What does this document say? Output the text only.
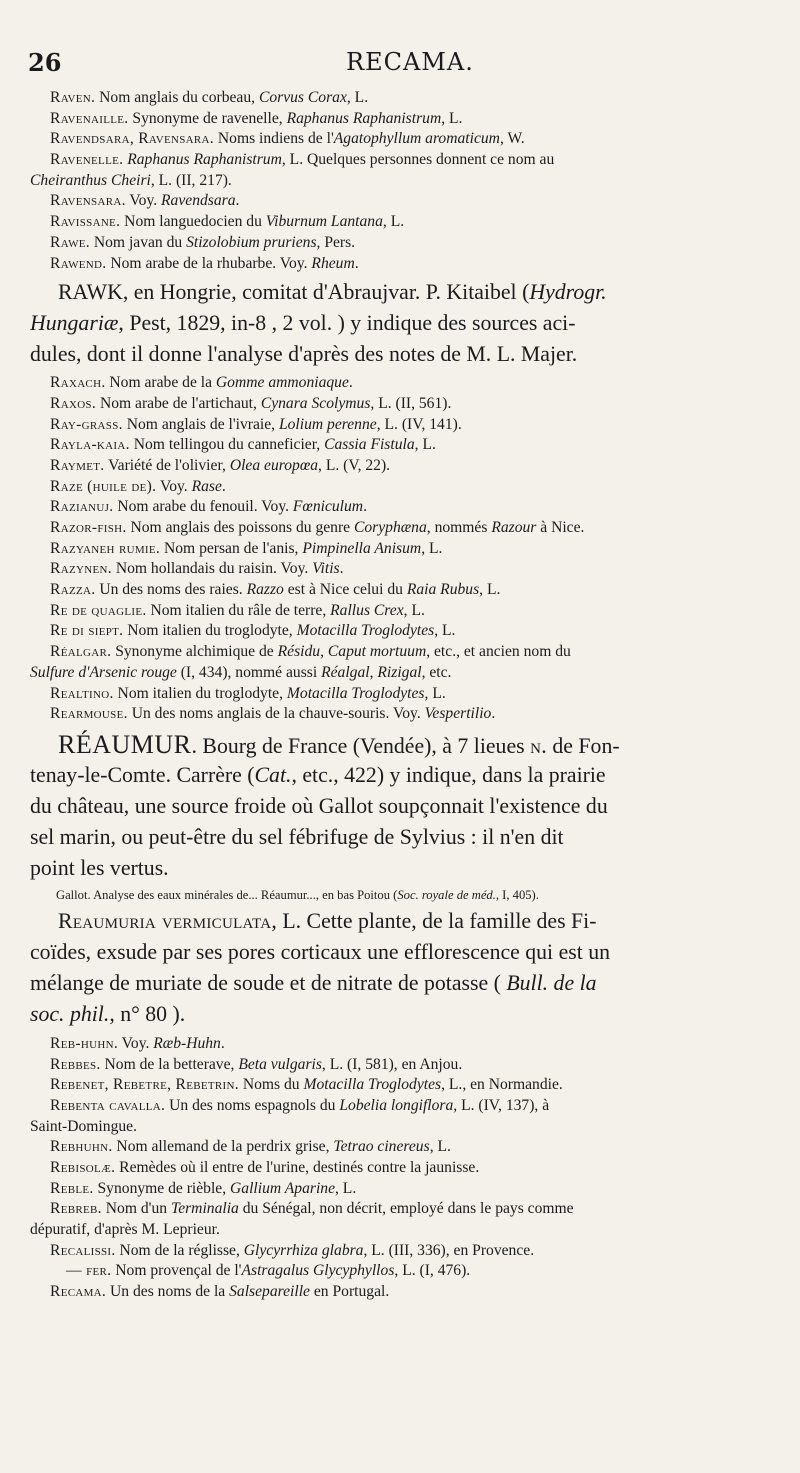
26	RECAMA.
Raven. Nom anglais du corbeau, Corvus Corax, L.
Ravenaille. Synonyme de ravenelle, Raphanus Raphanistrum, L.
Ravendsara, Ravensara. Noms indiens de l'Agatophyllum aromaticum, W.
Ravenelle. Raphanus Raphanistrum, L. Quelques personnes donnent ce nom au
Cheiranthus Cheiri, L. (II, 217).
Ravensara. Voy. Ravendsara.
Ravissane. Nom languedocien du Viburnum Lantana, L.
Rawe. Nom javan du Stizolobium pruriens, Pers.
Rawend. Nom arabe de la rhubarbe. Voy. Rheum.
RAWK, en Hongrie, comitat d'Abraujvar. P. Kitaibel (Hydrogr.
Hungariæ, Pest, 1829, in-8 , 2 vol. ) y indique des sources aci-
dules, dont il donne l'analyse d'après des notes de M. L. Majer.
Raxach. Nom arabe de la Gomme ammoniaque.
Raxos. Nom arabe de l'artichaut, Cynara Scolymus, L. (II, 561).
Ray-grass. Nom anglais de l'ivraie, Lolium perenne, L. (IV, 141).
Rayla-kaia. Nom tellingou du canneficier, Cassia Fistula, L.
Raymet. Variété de l'olivier, Olea europœa, L. (V, 22).
Raze (huile de). Voy. Rase.
Razianuj. Nom arabe du fenouil. Voy. Fœniculum.
Razor-fish. Nom anglais des poissons du genre Coryphæna, nommés Razour à Nice.
Razyaneh rumie. Nom persan de l'anis, Pimpinella Anisum, L.
Razynen. Nom hollandais du raisin. Voy. Vitis.
Razza. Un des noms des raies. Razzo est à Nice celui du Raia Rubus, L.
Re de quaglie. Nom italien du râle de terre, Rallus Crex, L.
Re di siept. Nom italien du troglodyte, Motacilla Troglodytes, L.
Réalgar. Synonyme alchimique de Résidu, Caput mortuum, etc., et ancien nom du
Sulfure d'Arsenic rouge (I, 434), nommé aussi Réalgal, Rizigal, etc.
Realtino. Nom italien du troglodyte, Motacilla Troglodytes, L.
Rearmouse. Un des noms anglais de la chauve-souris. Voy. Vespertilio.
RÉAUMUR. Bourg de France (Vendée), à 7 lieues n. de Fon-
tenay-le-Comte. Carrère (Cat., etc., 422) y indique, dans la prairie
du château, une source froide où Gallot soupçonnait l'existence du
sel marin, ou peut-être du sel fébrifuge de Sylvius : il n'en dit
point les vertus.
Gallot. Analyse des eaux minérales de... Réaumur..., en bas Poitou (Soc. royale de méd., I, 405).
Reaumuria vermiculata, L. Cette plante, de la famille des Fi-
coïdes, exsude par ses pores corticaux une efflorescence qui est un
mélange de muriate de soude et de nitrate de potasse ( Bull. de la
soc. phil., n° 80 ).
Reb-huhn. Voy. Ræb-Huhn.
Rebbes. Nom de la betterave, Beta vulgaris, L. (I, 581), en Anjou.
Rebenet, Rebetre, Rebetrin. Noms du Motacilla Troglodytes, L., en Normandie.
Rebenta cavalla. Un des noms espagnols du Lobelia longiflora, L. (IV, 137), à
Saint-Domingue.
Rebhuhn. Nom allemand de la perdrix grise, Tetrao cinereus, L.
Rebisolæ. Remèdes où il entre de l'urine, destinés contre la jaunisse.
Reble. Synonyme de rièble, Gallium Aparine, L.
Rebreb. Nom d'un Terminalia du Sénégal, non décrit, employé dans le pays comme
dépuratif, d'après M. Leprieur.
Recalissi. Nom de la réglisse, Glycyrrhiza glabra, L. (III, 336), en Provence.
— fer. Nom provençal de l'Astragalus Glycyphyllos, L. (I, 476).
Recama. Un des noms de la Salsepareille en Portugal.
